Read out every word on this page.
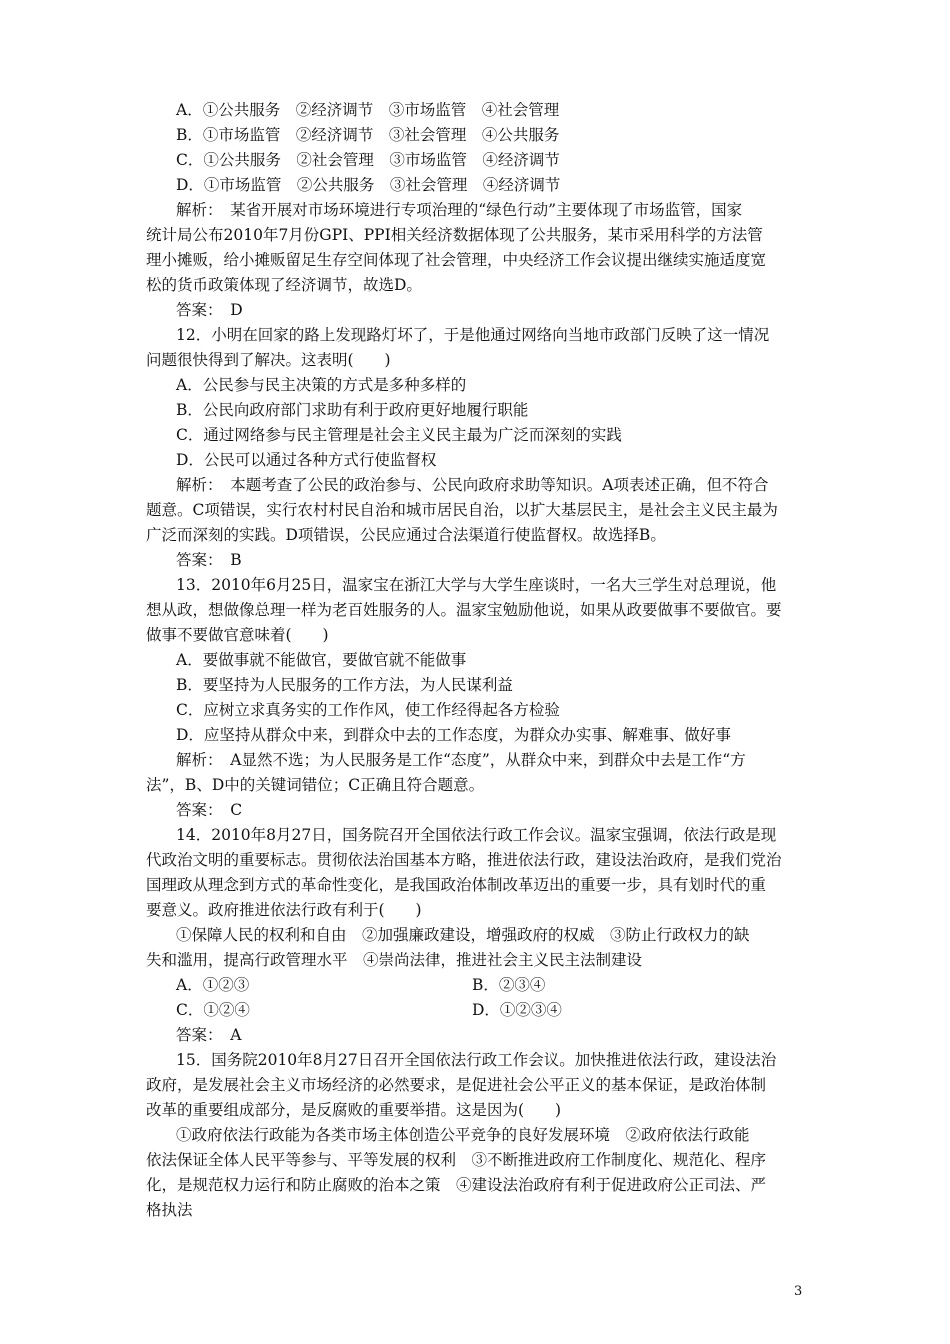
A．①公共服务　②经济调节　③市场监管　④社会管理
B．①市场监管　②经济调节　③社会管理　④公共服务
C．①公共服务　②社会管理　③市场监管　④经济调节
D．①市场监管　②公共服务　③社会管理　④经济调节
解析：　某省开展对市场环境进行专项治理的“绿色行动”主要体现了市场监管，国家
统计局公布2010年7月份GPI、PPI相关经济数据体现了公共服务，某市采用科学的方法管
理小摊贩，给小摊贩留足生存空间体现了社会管理，中央经济工作会议提出继续实施适度宽
松的货币政策体现了经济调节，故选D。
答案：　D
12．小明在回家的路上发现路灯坏了，于是他通过网络向当地市政部门反映了这一情况
问题很快得到了解决。这表明(　　)
A．公民参与民主决策的方式是多种多样的
B．公民向政府部门求助有利于政府更好地履行职能
C．通过网络参与民主管理是社会主义民主最为广泛而深刻的实践
D．公民可以通过各种方式行使监督权
解析：　本题考查了公民的政治参与、公民向政府求助等知识。A项表述正确，但不符合
题意。C项错误，实行农村村民自治和城市居民自治，以扩大基层民主，是社会主义民主最为
广泛而深刻的实践。D项错误，公民应通过合法渠道行使监督权。故选择B。
答案：　B
13．2010年6月25日，温家宝在浙江大学与大学生座谈时，一名大三学生对总理说，他
想从政，想做像总理一样为老百姓服务的人。温家宝勉励他说，如果从政要做事不要做官。要
做事不要做官意味着(　　)
A．要做事就不能做官，要做官就不能做事
B．要坚持为人民服务的工作方法，为人民谋利益
C．应树立求真务实的工作作风，使工作经得起各方检验
D．应坚持从群众中来，到群众中去的工作态度，为群众办实事、解难事、做好事
解析：　A显然不选；为人民服务是工作“态度”，从群众中来，到群众中去是工作“方
法”，B、D中的关键词错位；C正确且符合题意。
答案：　C
14．2010年8月27日，国务院召开全国依法行政工作会议。温家宝强调，依法行政是现
代政治文明的重要标志。贯彻依法治国基本方略，推进依法行政，建设法治政府，是我们党治
国理政从理念到方式的革命性变化，是我国政治体制改革迈出的重要一步，具有划时代的重
要意义。政府推进依法行政有利于(　　)
①保障人民的权利和自由　②加强廉政建设，增强政府的权威　③防止行政权力的缺
失和滥用，提高行政管理水平　④崇尚法律，推进社会主义民主法制建设
A．①②③	B．②③④
C．①②④	D．①②③④
答案：　A
15．国务院2010年8月27日召开全国依法行政工作会议。加快推进依法行政，建设法治
政府，是发展社会主义市场经济的必然要求，是促进社会公平正义的基本保证，是政治体制
改革的重要组成部分，是反腐败的重要举措。这是因为(　　)
①政府依法行政能为各类市场主体创造公平竞争的良好发展环境　②政府依法行政能
依法保证全体人民平等参与、平等发展的权利　③不断推进政府工作制度化、规范化、程序
化，是规范权力运行和防止腐败的治本之策　④建设法治政府有利于促进政府公正司法、严
格执法
3
